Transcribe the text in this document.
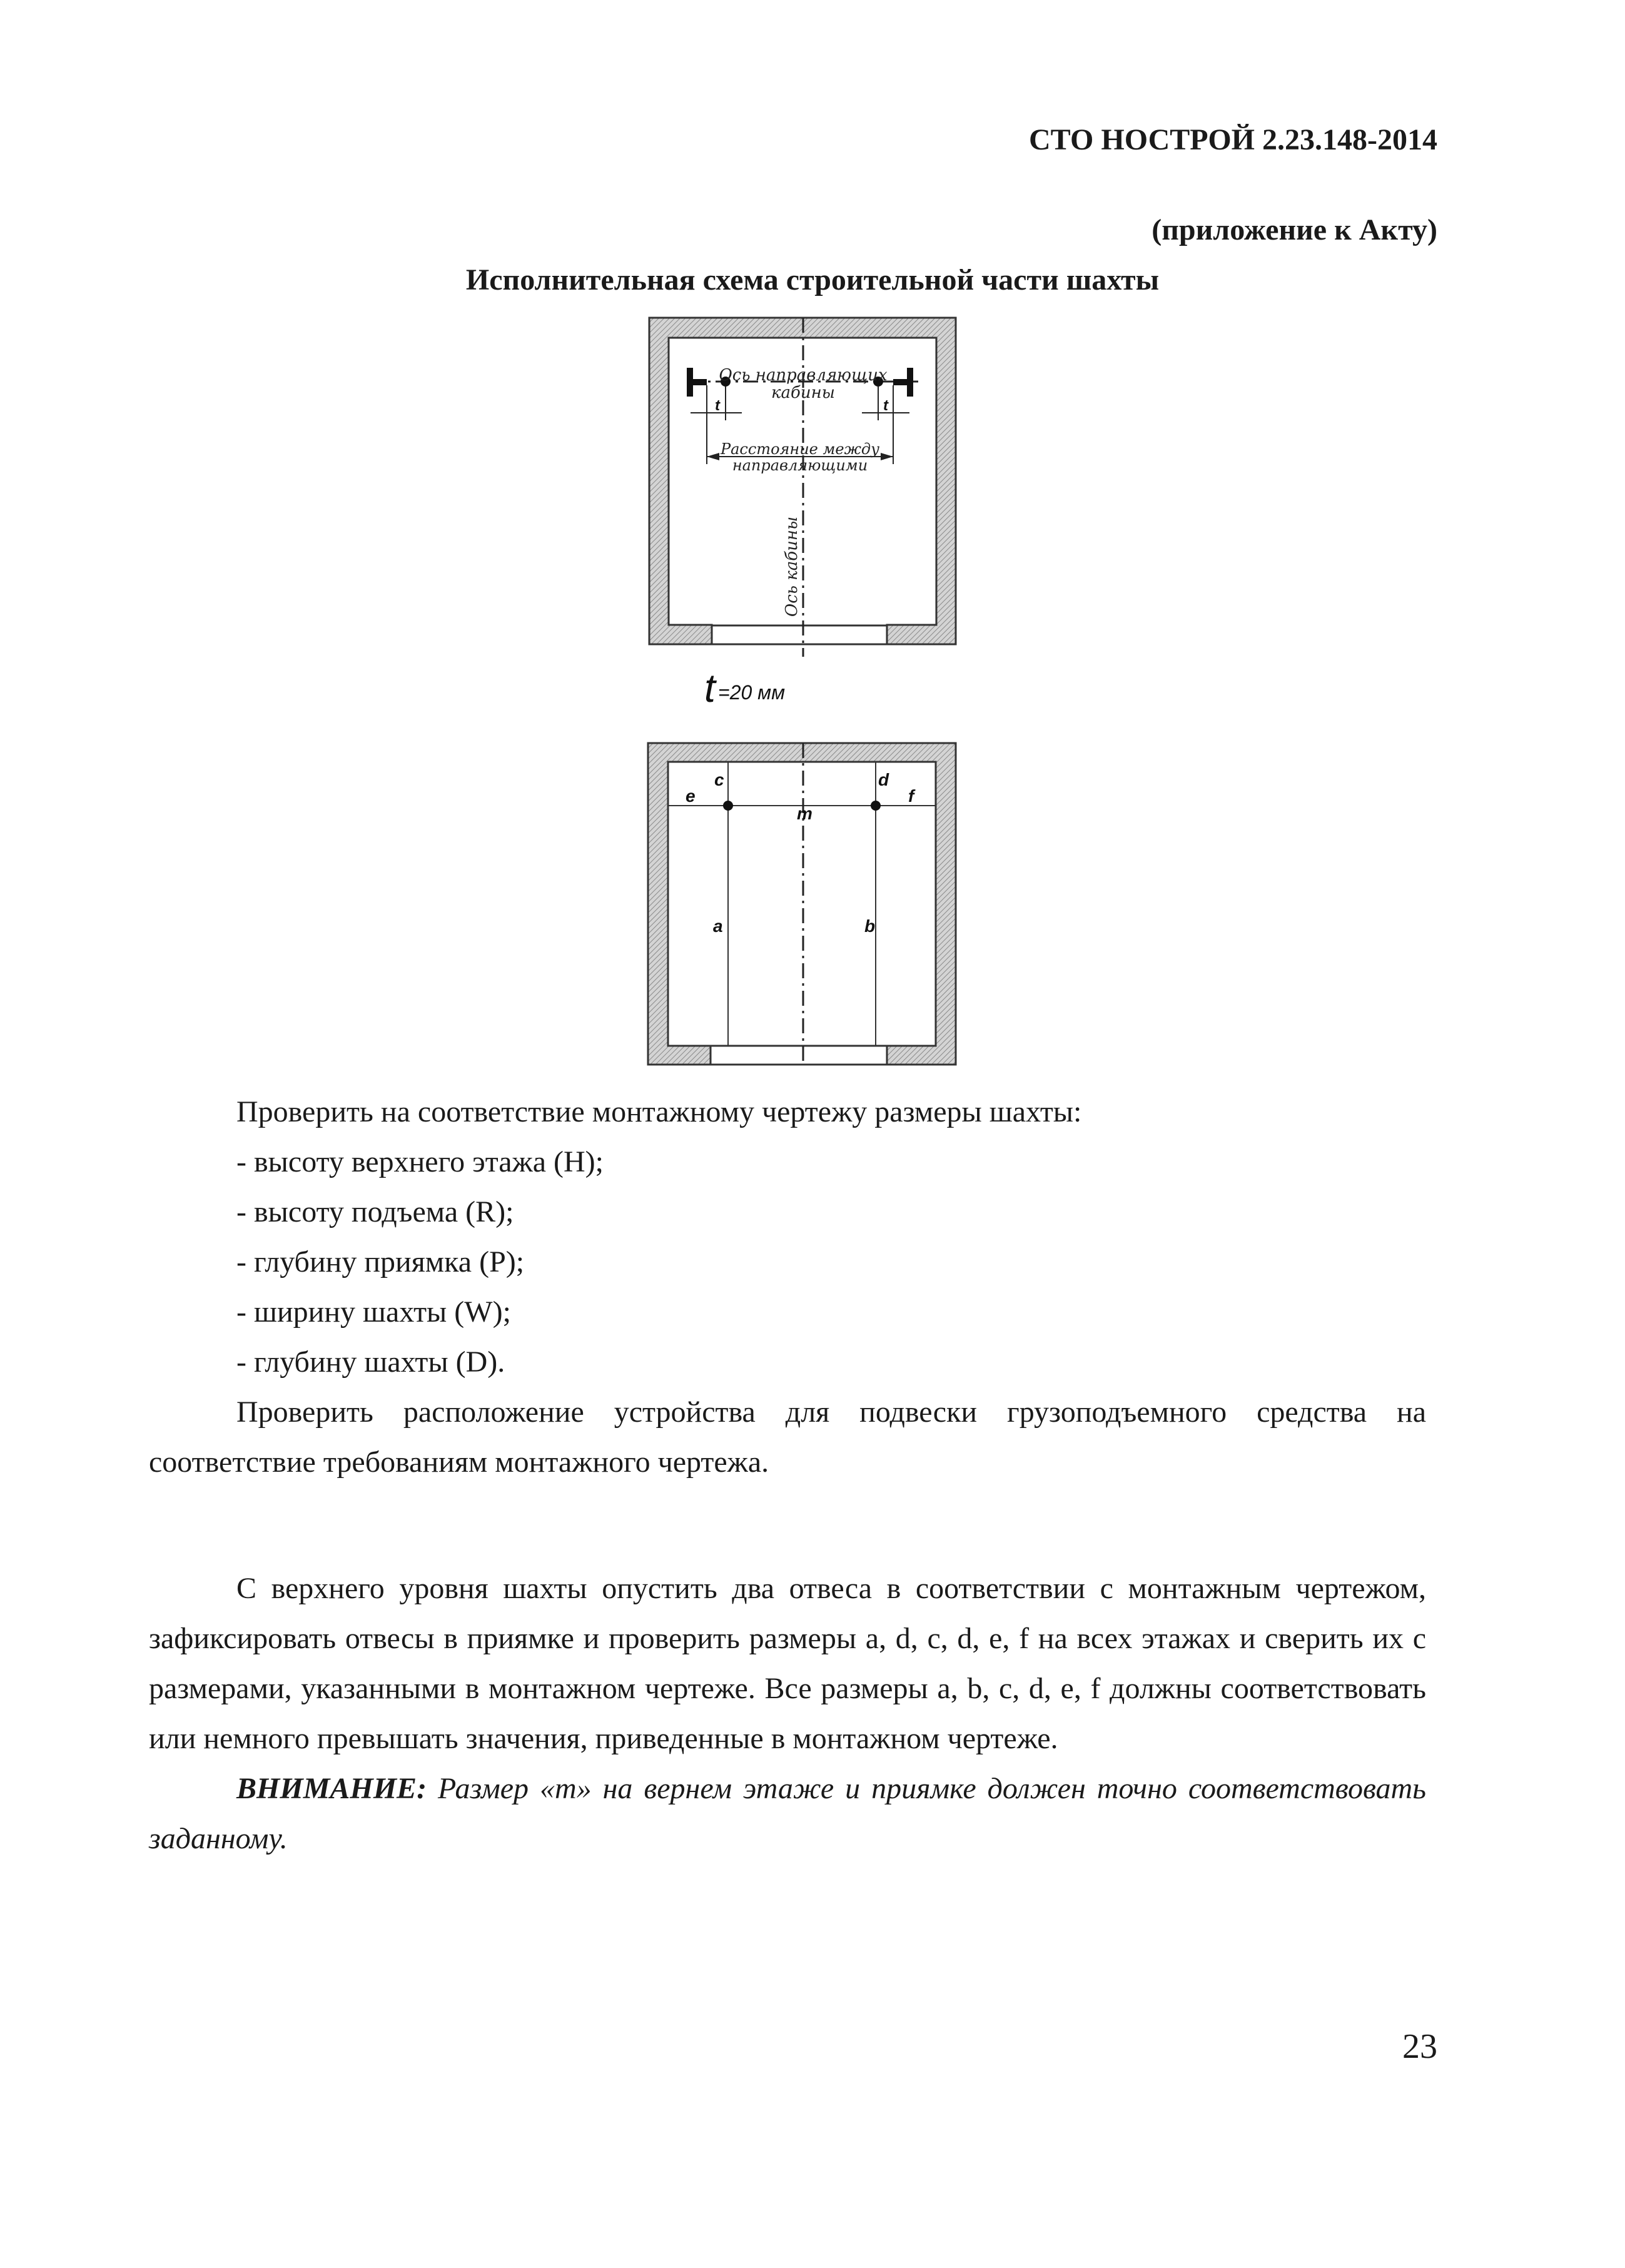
СТО НОСТРОЙ 2.23.148-2014
(приложение к Акту)
Исполнительная схема строительной части шахты
Ось направляющих
кабины
t	t
Расстояние между
направляющими
Ось кабины
t =20 мм
c	d
e	f
m
a	b

Проверить на соответствие монтажному чертежу размеры шахты:

- высоту верхнего этажа (H);

- высоту подъема (R);

- глубину приямка (P);

- ширину шахты (W);

- глубину шахты (D).

Проверить расположение устройства для подвески грузоподъемного средства на соответствие требованиям монтажного чертежа.

С верхнего уровня шахты опустить два отвеса в соответствии с монтажным чертежом, зафиксировать отвесы в приямке и проверить размеры a, d, c, d, e, f на всех этажах и сверить их с размерами, указанными в монтажном чертеже. Все размеры a, b, c, d, e, f должны соответствовать или немного превышать значения, приведенные в монтажном чертеже.

ВНИМАНИЕ: Размер «m» на вернем этаже и приямке должен точно соответствовать заданному.

23
